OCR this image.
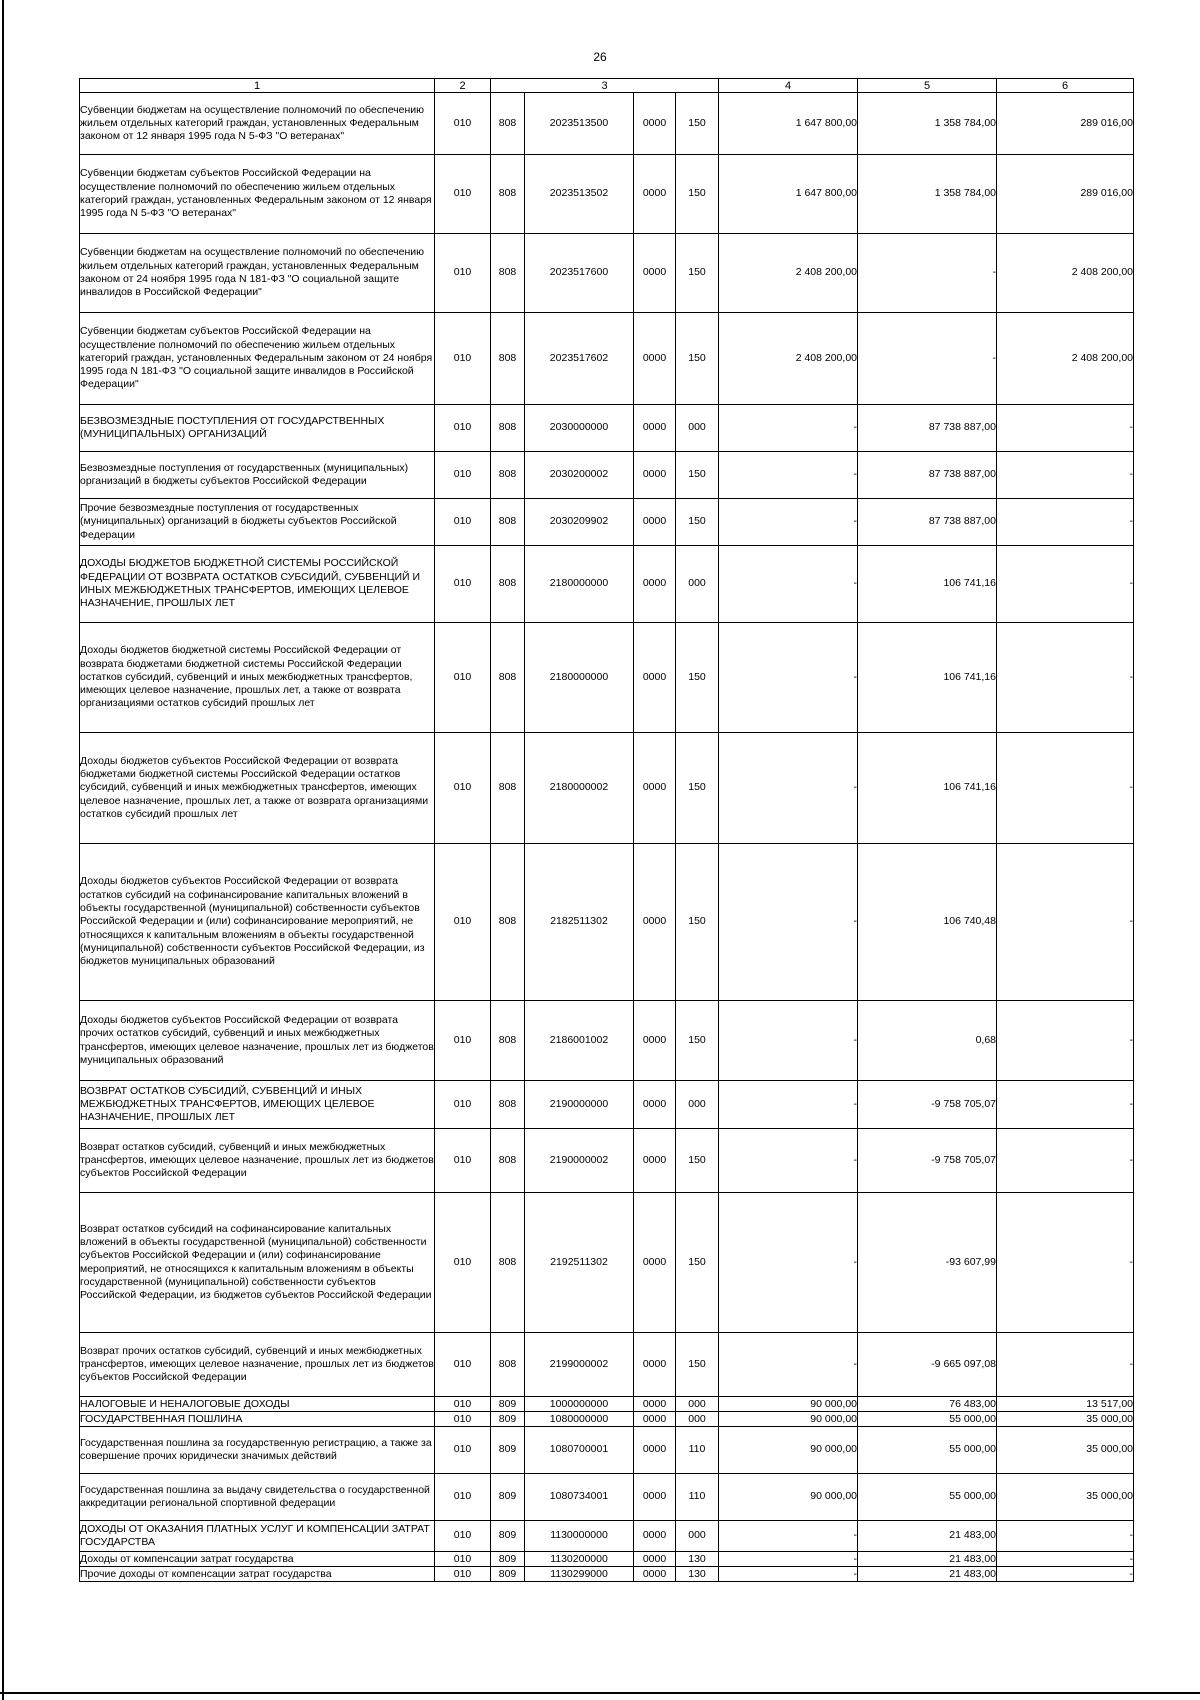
26
1	2	3				4	5	6
Субвенции бюджетам на осуществление полномочий по обеспечению жильем отдельных категорий граждан, установленных Федеральным законом от 12 января 1995 года N 5-ФЗ "О ветеранах"	010	808	2023513500	0000	150	1 647 800,00	1 358 784,00	289 016,00
Субвенции бюджетам субъектов Российской Федерации на осуществление полномочий по обеспечению жильем отдельных категорий граждан, установленных Федеральным законом от 12 января 1995 года N 5-ФЗ "О ветеранах"	010	808	2023513502	0000	150	1 647 800,00	1 358 784,00	289 016,00
Субвенции бюджетам на осуществление полномочий по обеспечению жильем отдельных категорий граждан, установленных Федеральным законом от 24 ноября 1995 года N 181-ФЗ "О социальной защите инвалидов в Российской Федерации"	010	808	2023517600	0000	150	2 408 200,00	-	2 408 200,00
Субвенции бюджетам субъектов Российской Федерации на осуществление полномочий по обеспечению жильем отдельных категорий граждан, установленных Федеральным законом от 24 ноября 1995 года N 181-ФЗ "О социальной защите инвалидов в Российской Федерации"	010	808	2023517602	0000	150	2 408 200,00	-	2 408 200,00
БЕЗВОЗМЕЗДНЫЕ ПОСТУПЛЕНИЯ ОТ ГОСУДАРСТВЕННЫХ (МУНИЦИПАЛЬНЫХ) ОРГАНИЗАЦИЙ	010	808	2030000000	0000	000	-	87 738 887,00	-
Безвозмездные поступления от государственных (муниципальных) организаций в бюджеты субъектов Российской Федерации	010	808	2030200002	0000	150	-	87 738 887,00	-
Прочие безвозмездные поступления от государственных (муниципальных) организаций в бюджеты субъектов Российской Федерации	010	808	2030209902	0000	150	-	87 738 887,00	-
ДОХОДЫ БЮДЖЕТОВ БЮДЖЕТНОЙ СИСТЕМЫ РОССИЙСКОЙ ФЕДЕРАЦИИ ОТ ВОЗВРАТА ОСТАТКОВ СУБСИДИЙ, СУБВЕНЦИЙ И ИНЫХ МЕЖБЮДЖЕТНЫХ ТРАНСФЕРТОВ, ИМЕЮЩИХ ЦЕЛЕВОЕ НАЗНАЧЕНИЕ, ПРОШЛЫХ ЛЕТ	010	808	2180000000	0000	000	-	106 741,16	-
Доходы бюджетов бюджетной системы Российской Федерации от возврата бюджетами бюджетной системы Российской Федерации остатков субсидий, субвенций и иных межбюджетных трансфертов, имеющих целевое назначение, прошлых лет, а также от возврата организациями остатков субсидий прошлых лет	010	808	2180000000	0000	150	-	106 741,16	-
Доходы бюджетов субъектов Российской Федерации от возврата бюджетами бюджетной системы Российской Федерации остатков субсидий, субвенций и иных межбюджетных трансфертов, имеющих целевое назначение, прошлых лет, а также от возврата организациями остатков субсидий прошлых лет	010	808	2180000002	0000	150	-	106 741,16	-
Доходы бюджетов субъектов Российской Федерации от возврата остатков субсидий на софинансирование капитальных вложений в объекты государственной (муниципальной) собственности субъектов Российской Федерации и (или) софинансирование мероприятий, не относящихся к капитальным вложениям в объекты государственной (муниципальной) собственности субъектов Российской Федерации, из бюджетов муниципальных образований	010	808	2182511302	0000	150	-	106 740,48	-
Доходы бюджетов субъектов Российской Федерации от возврата прочих остатков субсидий, субвенций и иных межбюджетных трансфертов, имеющих целевое назначение, прошлых лет из бюджетов муниципальных образований	010	808	2186001002	0000	150	-	0,68	-
ВОЗВРАТ ОСТАТКОВ СУБСИДИЙ, СУБВЕНЦИЙ И ИНЫХ МЕЖБЮДЖЕТНЫХ ТРАНСФЕРТОВ, ИМЕЮЩИХ ЦЕЛЕВОЕ НАЗНАЧЕНИЕ, ПРОШЛЫХ ЛЕТ	010	808	2190000000	0000	000	-	-9 758 705,07	-
Возврат остатков субсидий, субвенций и иных межбюджетных трансфертов, имеющих целевое назначение, прошлых лет из бюджетов субъектов Российской Федерации	010	808	2190000002	0000	150	-	-9 758 705,07	-
Возврат остатков субсидий на софинансирование капитальных вложений в объекты государственной (муниципальной) собственности субъектов Российской Федерации и (или) софинансирование мероприятий, не относящихся к капитальным вложениям в объекты государственной (муниципальной) собственности субъектов Российской Федерации, из бюджетов субъектов Российской Федерации	010	808	2192511302	0000	150	-	-93 607,99	-
Возврат прочих остатков субсидий, субвенций и иных межбюджетных трансфертов, имеющих целевое назначение, прошлых лет из бюджетов субъектов Российской Федерации	010	808	2199000002	0000	150	-	-9 665 097,08	-
НАЛОГОВЫЕ И НЕНАЛОГОВЫЕ ДОХОДЫ	010	809	1000000000	0000	000	90 000,00	76 483,00	13 517,00
ГОСУДАРСТВЕННАЯ ПОШЛИНА	010	809	1080000000	0000	000	90 000,00	55 000,00	35 000,00
Государственная пошлина за государственную регистрацию, а также за совершение прочих юридически значимых действий	010	809	1080700001	0000	110	90 000,00	55 000,00	35 000,00
Государственная пошлина за выдачу свидетельства о государственной аккредитации региональной спортивной федерации	010	809	1080734001	0000	110	90 000,00	55 000,00	35 000,00
ДОХОДЫ ОТ ОКАЗАНИЯ ПЛАТНЫХ УСЛУГ И КОМПЕНСАЦИИ ЗАТРАТ ГОСУДАРСТВА	010	809	1130000000	0000	000	-	21 483,00	-
Доходы от компенсации затрат государства	010	809	1130200000	0000	130	-	21 483,00	-
Прочие доходы от компенсации затрат государства	010	809	1130299000	0000	130	-	21 483,00	-
